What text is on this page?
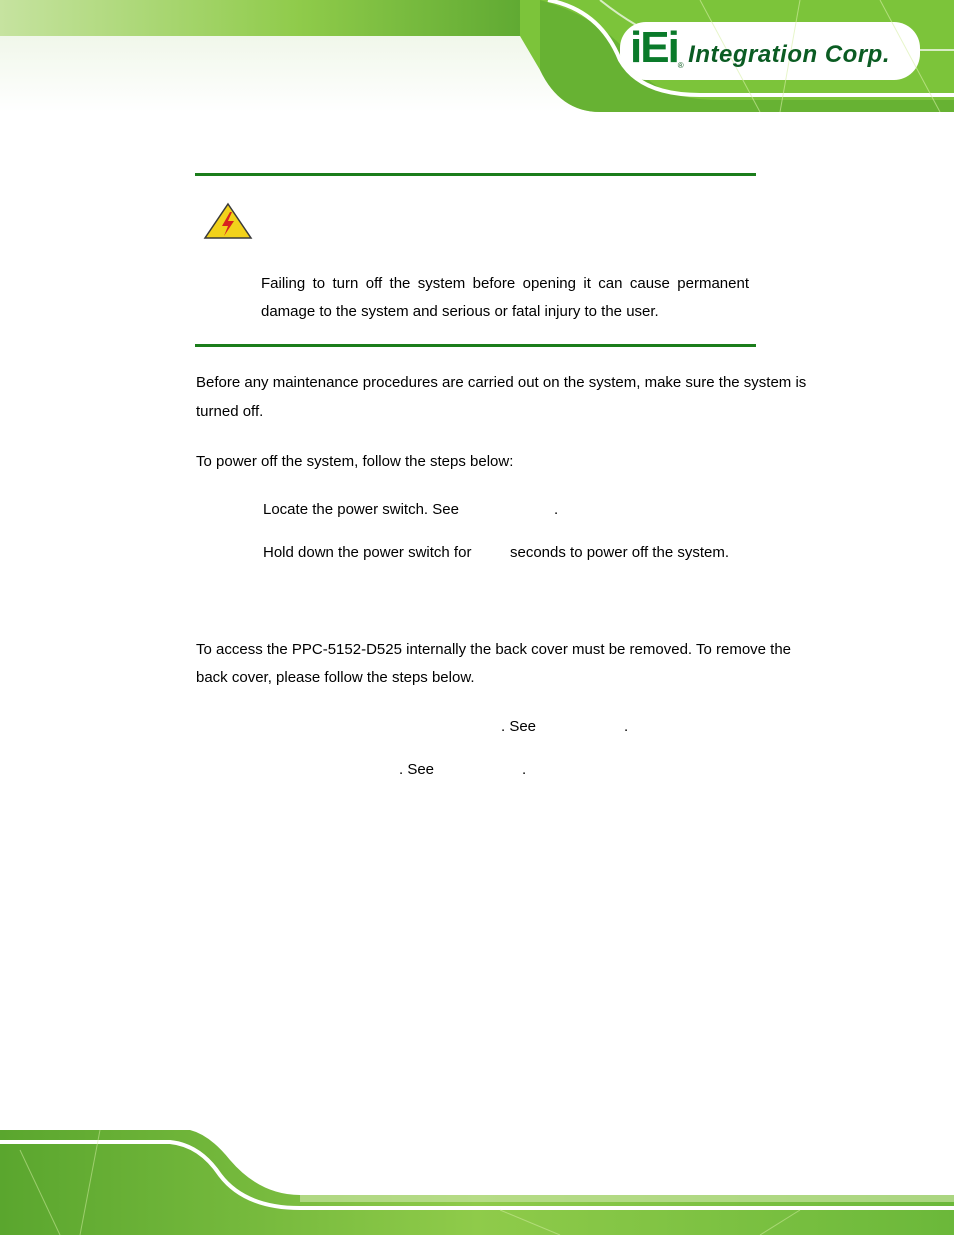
iEi® Integration Corp.
Failing to turn off the system before opening it can cause permanent damage to the system and serious or fatal injury to the user.
Before any maintenance procedures are carried out on the system, make sure the system is turned off.
To power off the system, follow the steps below:
Locate the power switch. See	.
Hold down the power switch for	seconds to power off the system.
To access the PPC-5152-D525 internally the back cover must be removed. To remove the back cover, please follow the steps below.
. See	.
. See	.
